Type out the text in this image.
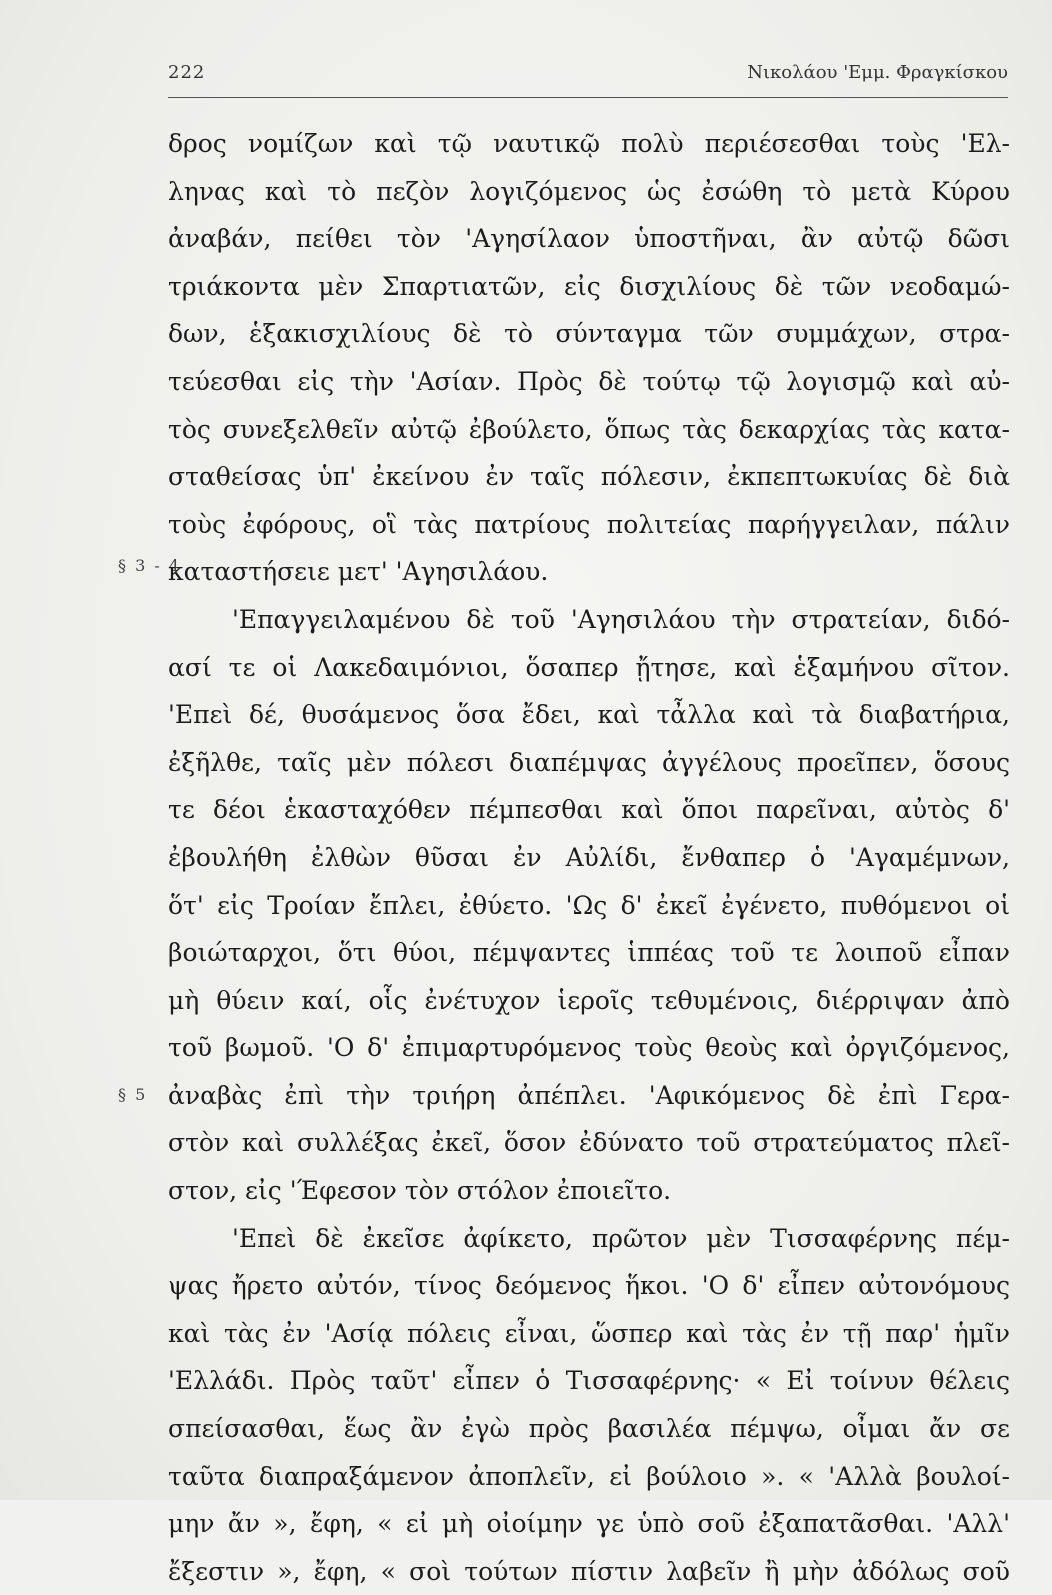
222	Νικολάου 'Εμμ. Φραγκίσκου
§ 3 - 4
§ 5
δρος νομίζων καὶ τῷ ναυτικῷ πολὺ περιέσεσθαι τοὺς 'Ελ-
ληνας καὶ τὸ πεζὸν λογιζόμενος ὡς ἐσώθη τὸ μετὰ Κύρου
ἀναβάν, πείθει τὸν 'Αγησίλαον ὑποστῆναι, ἂν αὐτῷ δῶσι
τριάκοντα μὲν Σπαρτιατῶν, εἰς δισχιλίους δὲ τῶν νεοδαμώ-
δων, ἑξακισχιλίους δὲ τὸ σύνταγμα τῶν συμμάχων, στρα-
τεύεσθαι εἰς τὴν 'Ασίαν. Πρὸς δὲ τούτῳ τῷ λογισμῷ καὶ αὐ-
τὸς συνεξελθεῖν αὐτῷ ἐβούλετο, ὅπως τὰς δεκαρχίας τὰς κατα-
σταθείσας ὑπ' ἐκείνου ἐν ταῖς πόλεσιν, ἐκπεπτωκυίας δὲ διὰ
τοὺς ἐφόρους, οἳ τὰς πατρίους πολιτείας παρήγγειλαν, πάλιν
καταστήσειε μετ' 'Αγησιλάου.
'Επαγγειλαμένου δὲ τοῦ 'Αγησιλάου τὴν στρατείαν, διδό-
ασί τε οἱ Λακεδαιμόνιοι, ὅσαπερ ᾔτησε, καὶ ἑξαμήνου σῖτον.
'Επεὶ δέ, θυσάμενος ὅσα ἔδει, καὶ τἆλλα καὶ τὰ διαβατήρια,
ἐξῆλθε, ταῖς μὲν πόλεσι διαπέμψας ἀγγέλους προεῖπεν, ὅσους
τε δέοι ἑκασταχόθεν πέμπεσθαι καὶ ὅποι παρεῖναι, αὐτὸς δ'
ἐβουλήθη ἐλθὼν θῦσαι ἐν Αὐλίδι, ἔνθαπερ ὁ 'Αγαμέμνων,
ὅτ' εἰς Τροίαν ἔπλει, ἐθύετο. 'Ως δ' ἐκεῖ ἐγένετο, πυθόμενοι οἱ
βοιώταρχοι, ὅτι θύοι, πέμψαντες ἱππέας τοῦ τε λοιποῦ εἶπαν
μὴ θύειν καί, οἷς ἐνέτυχον ἱεροῖς τεθυμένοις, διέρριψαν ἀπὸ
τοῦ βωμοῦ. 'Ο δ' ἐπιμαρτυρόμενος τοὺς θεοὺς καὶ ὀργιζόμενος,
ἀναβὰς ἐπὶ τὴν τριήρη ἀπέπλει. 'Αφικόμενος δὲ ἐπὶ Γερα-
στὸν καὶ συλλέξας ἐκεῖ, ὅσον ἐδύνατο τοῦ στρατεύματος πλεῖ-
στον, εἰς 'Έφεσον τὸν στόλον ἐποιεῖτο.
'Επεὶ δὲ ἐκεῖσε ἀφίκετο, πρῶτον μὲν Τισσαφέρνης πέμ-
ψας ἤρετο αὐτόν, τίνος δεόμενος ἥκοι. 'Ο δ' εἶπεν αὐτονόμους
καὶ τὰς ἐν 'Ασίᾳ πόλεις εἶναι, ὥσπερ καὶ τὰς ἐν τῇ παρ' ἡμῖν
'Ελλάδι. Πρὸς ταῦτ' εἶπεν ὁ Τισσαφέρνης· « Εἰ τοίνυν θέλεις
σπείσασθαι, ἕως ἂν ἐγὼ πρὸς βασιλέα πέμψω, οἶμαι ἄν σε
ταῦτα διαπραξάμενον ἀποπλεῖν, εἰ βούλοιο ». « 'Αλλὰ βουλοί-
μην ἄν », ἔφη, « εἰ μὴ οἰοίμην γε ὑπὸ σοῦ ἐξαπατᾶσθαι. 'Αλλ'
ἔξεστιν », ἔφη, « σοὶ τούτων πίστιν λαβεῖν ἢ μὴν ἀδόλως σοῦ
